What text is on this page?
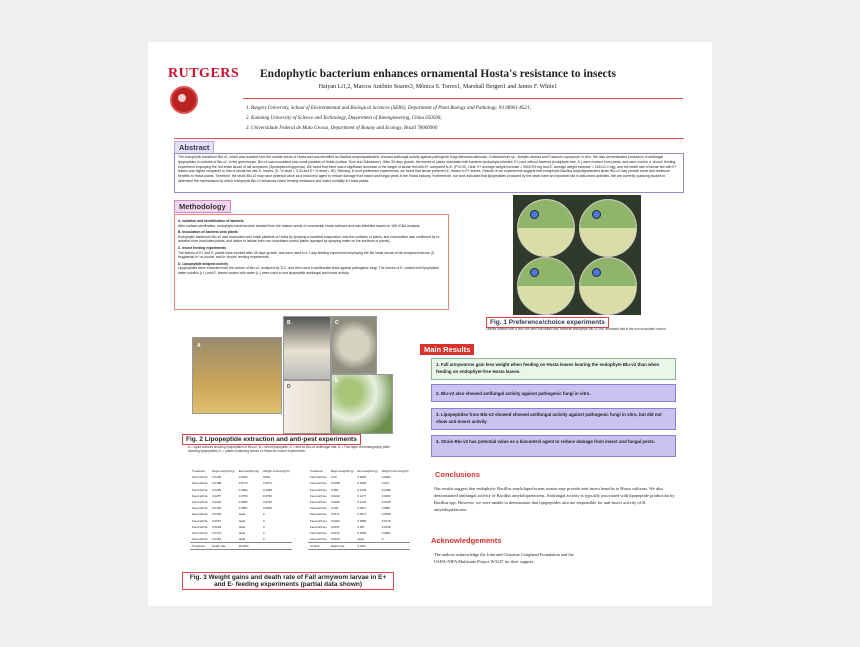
RUTGERS	Endophytic bacterium enhances ornamental Hosta's resistance to insects
Haiyan Li1,2, Marcos Antônio Soares3, Mônica S. Torres1, Marshall Bergen1 and James F. White1
1. Rutgers University, School of Environmental and Biological Sciences (SEBS), Department of Plant Biology and Pathology. NJ 08901-8521;
2. Kunming University of Science and Technology, Department of Bioengineering, China 650500;
3. Universidade Federal de Mato Grosso, Department of Botany and Ecology, Brazil 78060900
Abstract
The endophytic bacterium Blu-v2, which was isolated from the rosette seeds of Hosta and was identified as Bacillus amyloliquefaciens, showed antifungal activity against pathogenic fungi Alternaria alternata, Colletotrichum sp., Botrytis cinerea and Fusarium oxysporum in vitro. We also demonstrated production of antifungal lipopeptides in cultures of Blu-v2. In the greenhouse, Blu-v2 was inoculated onto small plantlets of Hosta (cultivar 'Sum and Substance'). After 30 days growth, the leaves of plants inoculated with bacteria (endophyte-infected, E+) and without bacteria (endophyte-free, E-) were excised from plants, and were used in a 'choice' feeding experiment employing the 3rd instar larvae of fall armyworm (Spodoptera frugiperda). We found that there was a significant decrease in the weight of larvae fed with E+ compared to E- (P<0.05, t-test; E+ average weight increase = 90±8.3% mg and E- average weight increase = 134±12.4 mg), and the death rate of larvae fed with E+ leaves was higher compared to that of larvae fed with E- leaves. (E- % dead = 3.33 and E+ % dead = 30). Similarly, in food preference experiments, we found that larvae preferred E- leaves to E+ leaves. Results of our experiments suggest that endophytic Bacillus amyloliquefaciens strain Blu-v2 may provide some anti-herbivore benefits to Hosta plants. Therefore, the strain Blu-v2 may have potential value as a biocontrol agent to reduce damage from insect and fungal pests in the Hosta industry. Furthermore, our work indicated that lipopeptides produced by the strain have an important role in anti-insect activities. We are currently pursuing studies to determine the mechanisms by which endophytic Blu-v2 enhances insect feeding resistance and insect mortality in Hosta plants.
Methodology
A. Isolation and identification of bacteria.
After surface-sterilization, endophytic bacteria were isolated from the mature seeds of ornamental Hosta cultivars and was identified based on 16S rDNA analysis.
B. Inoculation of bacteria onto plants
Endophytic bacterium Blu-v2 was inoculated onto small plantlets of Hosta by spraying a bacterial suspension onto the surfaces of plants, and colonization was confirmed by re-isolation from inoculated plants, and failure to isolate from non-inoculated control plants (sprayed by spraying water on the surfaces of plants).
C. Insect feeding experiments
The leaves of E+ and E- plants were excised after 45 days growth, and were used in a 7-day feeding experiment employing the 4th instar larvae of fall armyworm larvae (S. frugiperda) in 'no-choice' and in 'choice' feeding experiments.
D. Lipopeptide antipest activity
Lipopeptides were extracted from the culture of Blu-v2, analyzed by TLC, and then used in antifeedant tests against pathogenic fungi. The leaves of E- coated with lipopeptide water solution (L+) and E- leaves coated with water (L-) were used to test lipopeptide antifungal and insect activity.
Fig. 1 Preference/choice experiments
Leaves marked with a blue dot were inoculated with bacterial endophyte Blu-v2; the unmarked half is the non-inoculated control.
A
B	C
D
E
Fig. 2 Lipopeptide extraction and anti-pest experiments
A = liquid cultures showing lipopeptides of Blu-v2; B = dried lipopeptide; C = test for Blu-v2 antifungal trait; D = Thin-layer chromatography plate showing lipopeptides; E = plates containing leaves of Hosta for choice experiments.
Treatment	Begin weight(mg)	End weight(mg)	Weight improving(%)
Feed with E-	0.0150	0.0436	0.851
Feed with E-	0.0188	0.0770	0.3573
Feed with E-	0.0200	0.0892	0.3489
Feed with E-	0.0257	0.0790	0.0796
Feed with E-	0.0230	0.0896	0.0794
Feed with E-	0.0160	0.0851	0.0849
Feed with E-	0.0156	dead	0
Feed with E-	0.0257	dead	0
Feed with E-	0.0248	dead	0
Feed with E-	0.0172	dead	0
Feed with E-	0.0154	dead	0
Treatment	Death rate	30.00%	
Treatment	Begin weight(mg)	End weight(mg)	Weight improving(%)
Feed with E+	0.23	0.0926	0.0694
Feed with E+	0.0299	0.0609	0.631
Feed with E+	0.484	0.1246	0.1098
Feed with E+	0.0242	0.1177	0.0933
Feed with E+	0.0232	0.1130	0.0138
Feed with E+	0.229	0.0917	0.0887
Feed with E+	0.0171	0.0077	0.0699
Feed with E+	0.0203	0.0950	0.0170
Feed with E+	0.0161	0.067	0.0618
Feed with E+	0.0161	0.0659	0.0892
Feed with E+	0.0163	dead	0
Control	Death rate	3.33%	
Fig. 3 Weight gains and death rate of Fall armywom larvae in E+ and E- feeding experiments (partial data shown)
Main Results
1. Fall armyworms gain less weight when feeding on Hosta leaves bearing the endophyte Blu-v2 than when feeding on endophyte-free Hosta leaves.
2. Blu-v2 also showed antifungal activity against pathogenic fungi in vitro.
3. Lipopeptides from Blu-v2 showed showed antifungal activity against pathogenic fungi in vitro, but did not show anti-insect activity
4. Strain Blu-v2 has potential value as a biocontrol agent to reduce damage from insect and fungal pests.
Conclusions
Our results suggest that endophytic Bacillus amyloliquefaciens strains may provide anti-insect benefits to Hosta cultivars. We also demonstrated antifungal activity of Bacillus amyloliquefaciens. Antifungal activity is typically associated with lipopeptide production by Bacillus spp. However, we were unable to demonstrate that lipopeptides also are responsible for anti-insect activity of B. amyloliquefaciens.
Acknowledgements
The authors acknowledge the John and Christina Craighead Foundation and the USDA-NIFA Multistate Project W3147 for their support.
